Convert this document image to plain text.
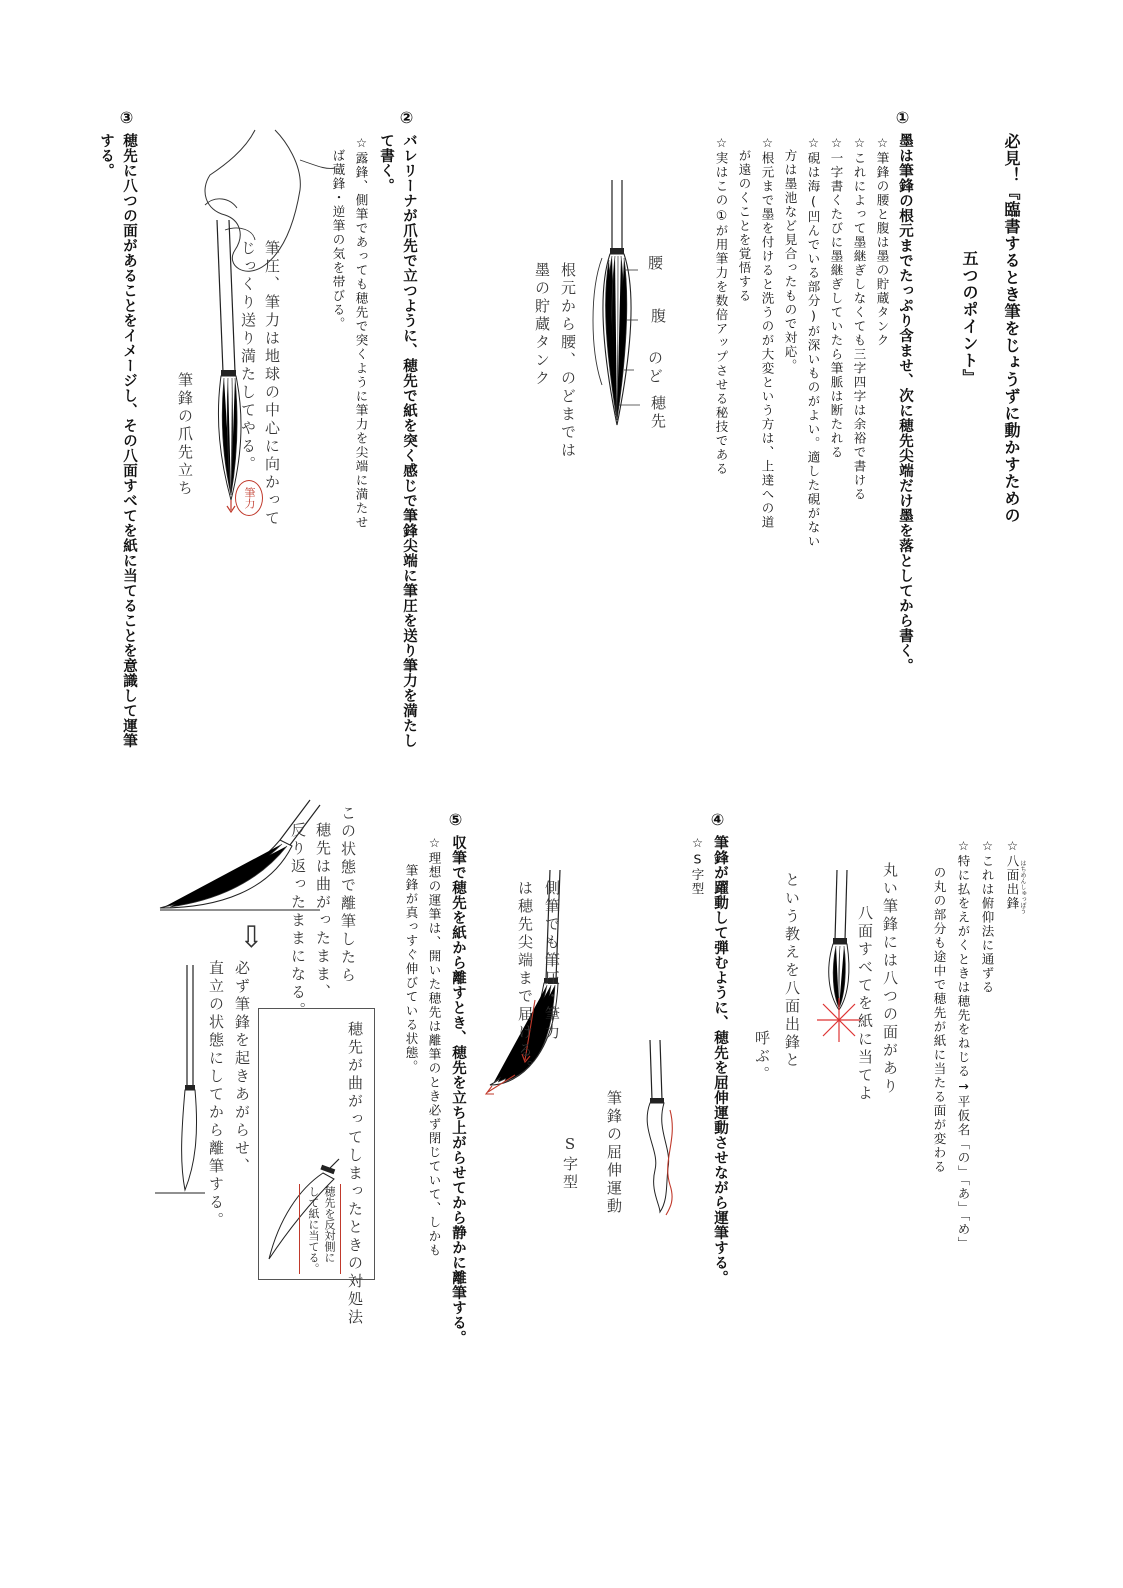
必見！『臨書するとき筆をじょうずに動かすための
五つのポイント』
①
墨は筆鋒の根元までたっぷり含ませ、次に穂先尖端だけ墨を落としてから書く。
☆筆鋒の腰と腹は墨の貯蔵タンク
☆これによって墨継ぎしなくても三字四字は余裕で書ける
☆一字書くたびに墨継ぎしていたら筆脈は断たれる
☆硯は海(凹んでいる部分)が深いものがよい。適した硯がない
　方は墨池など見合ったもので対応。
☆根元まで墨を付けると洗うのが大変という方は、上達への道
　が遠のくことを覚悟する
☆実はこの①が用筆力を数倍アップさせる秘技である
腰
腹
のど
穂先
根元から腰、のどまでは
墨の貯蔵タンク
②
バレリーナが爪先で立つように、穂先で紙を突く感じで筆鋒尖端に筆圧を送り筆力を満たし
て書く。
☆露鋒、側筆であっても穂先で突くように筆力を尖端に満たせ
　ば蔵鋒・逆筆の気を帯びる。
筆圧、筆力は地球の中心に向かって
じっくり送り満たしてやる。
筆鋒の爪先立ち	筆力
③
穂先に八つの面があることをイメージし、その八面すべてを紙に当てることを意識して運筆
する。
☆八面出鋒 はちめんしゅっぽう
☆これは俯仰法に通ずる
☆特に払をえがくときは穂先をねじる→平仮名「の」「あ」「め」
　の丸の部分も途中で穂先が紙に当たる面が変わる
丸い筆鋒には八つの面があり
八面すべてを紙に当てよ
という教えを八面出鋒と
呼ぶ。
④
筆鋒が躍動して弾むように、穂先を屈伸運動させながら運筆する。
☆S字型
筆鋒の屈伸運動
S字型
⑤
収筆で穂先を紙から離すとき、穂先を立ち上がらせてから静かに離筆する。
☆理想の運筆は、開いた穂先は離筆のとき必ず閉じていて、しかも
　筆鋒が真っすぐ伸びている状態。	側筆でも筆圧・筆力
は穂先尖端まで届ける。
この状態で離筆したら
穂先は曲がったまま、
反り返ったままになる。
⇩
必ず筆鋒を起きあがらせ、
直立の状態にしてから離筆する。	穂先が曲がってしまったときの対処法
穂先を反対側に
して紙に当てる。
